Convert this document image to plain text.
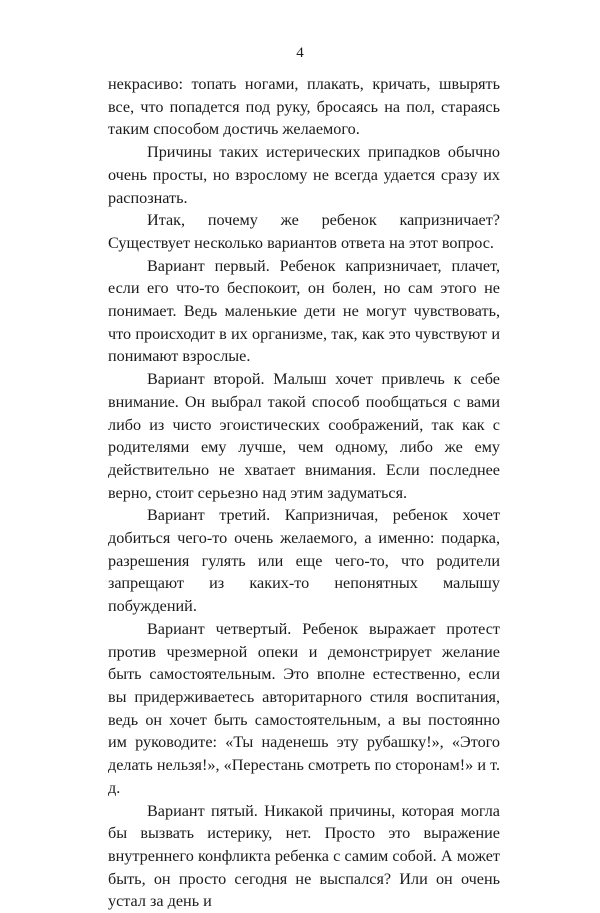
4

некрасиво: топать ногами, плакать, кричать, швырять все, что попадется под руку, бросаясь на пол, стараясь таким способом достичь желаемого.

Причины таких истерических припадков обычно очень просты, но взрослому не всегда удается сразу их распознать.

Итак, почему же ребенок капризничает? Существует несколько вариантов ответа на этот вопрос.

Вариант первый. Ребенок капризничает, плачет, если его что-то беспокоит, он болен, но сам этого не понимает. Ведь маленькие дети не могут чувствовать, что происходит в их организме, так, как это чувствуют и понимают взрослые.

Вариант второй. Малыш хочет привлечь к себе внимание. Он выбрал такой способ пообщаться с вами либо из чисто эгоистических соображений, так как с родителями ему лучше, чем одному, либо же ему действительно не хватает внимания. Если последнее верно, стоит серьезно над этим задуматься.

Вариант третий. Капризничая, ребенок хочет добиться чего-то очень желаемого, а именно: подарка, разрешения гулять или еще чего-то, что родители запрещают из каких-то непонятных малышу побуждений.

Вариант четвертый. Ребенок выражает протест против чрезмерной опеки и демонстрирует желание быть самостоятельным. Это вполне естественно, если вы придерживаетесь авторитарного стиля воспитания, ведь он хочет быть самостоятельным, а вы постоянно им руководите: «Ты наденешь эту рубашку!», «Этого делать нельзя!», «Перестань смотреть по сторонам!» и т. д.

Вариант пятый. Никакой причины, которая могла бы вызвать истерику, нет. Просто это выражение внутреннего конфликта ребенка с самим собой. А может быть, он просто сегодня не выспался? Или он очень устал за день и
